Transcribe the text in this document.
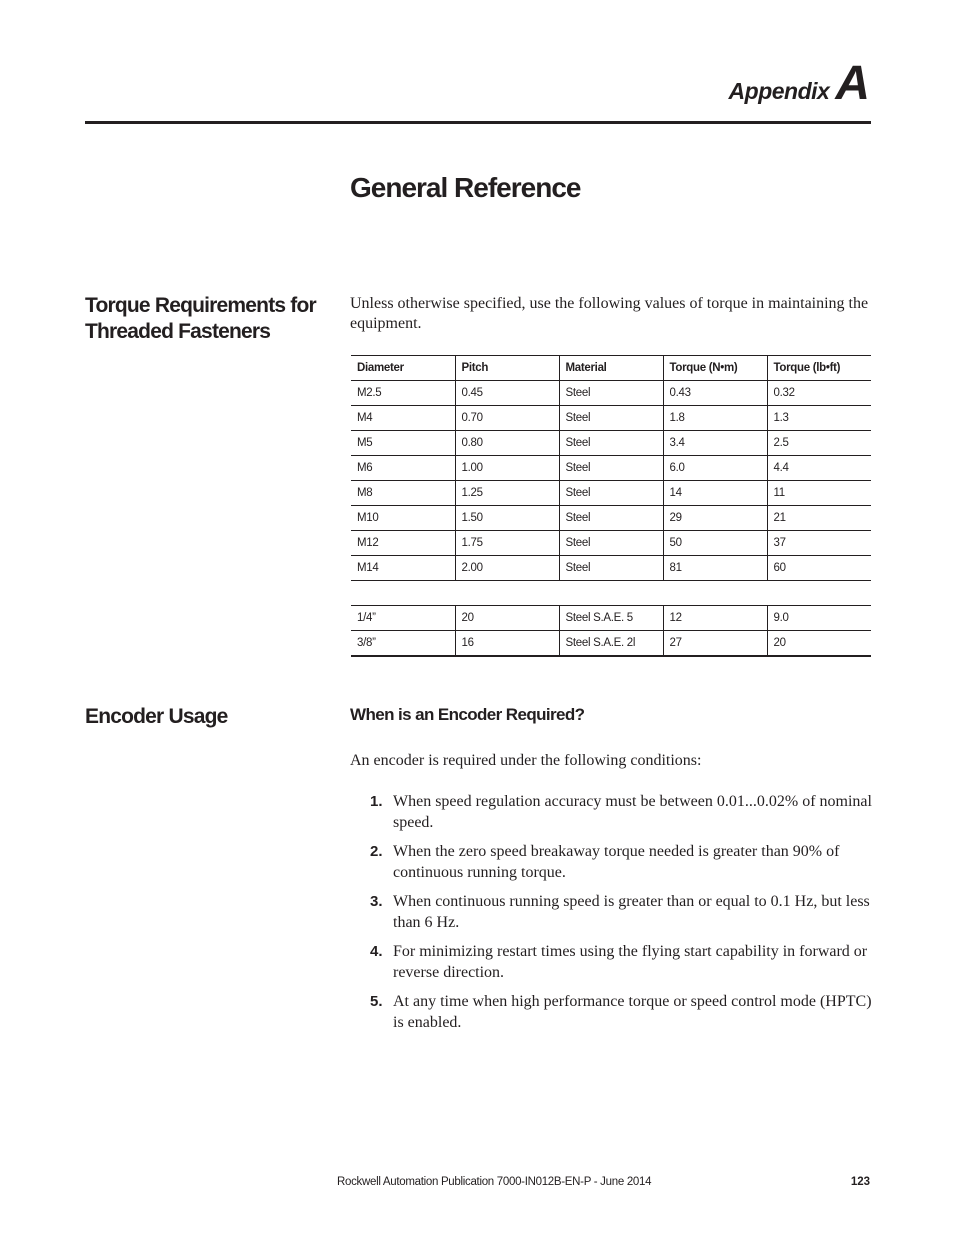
Appendix A
General Reference
Torque Requirements for Threaded Fasteners

Unless otherwise specified, use the following values of torque in maintaining the equipment.

Diameter	Pitch	Material	Torque (N•m)	Torque (lb•ft)
M2.5	0.45	Steel	0.43	0.32
M4	0.70	Steel	1.8	1.3
M5	0.80	Steel	3.4	2.5
M6	1.00	Steel	6.0	4.4
M8	1.25	Steel	14	11
M10	1.50	Steel	29	21
M12	1.75	Steel	50	37
M14	2.00	Steel	81	60

1/4”	20	Steel S.A.E. 5	12	9.0
3/8”	16	Steel S.A.E. 2l	27	20
Encoder Usage	When is an Encoder Required?

An encoder is required under the following conditions:

1. When speed regulation accuracy must be between 0.01...0.02% of nominal speed.
2. When the zero speed breakaway torque needed is greater than 90% of continuous running torque.
3. When continuous running speed is greater than or equal to 0.1 Hz, but less than 6 Hz.
4. For minimizing restart times using the flying start capability in forward or reverse direction.
5. At any time when high performance torque or speed control mode (HPTC) is enabled.
Rockwell Automation Publication 7000-IN012B-EN-P - June 2014	123
